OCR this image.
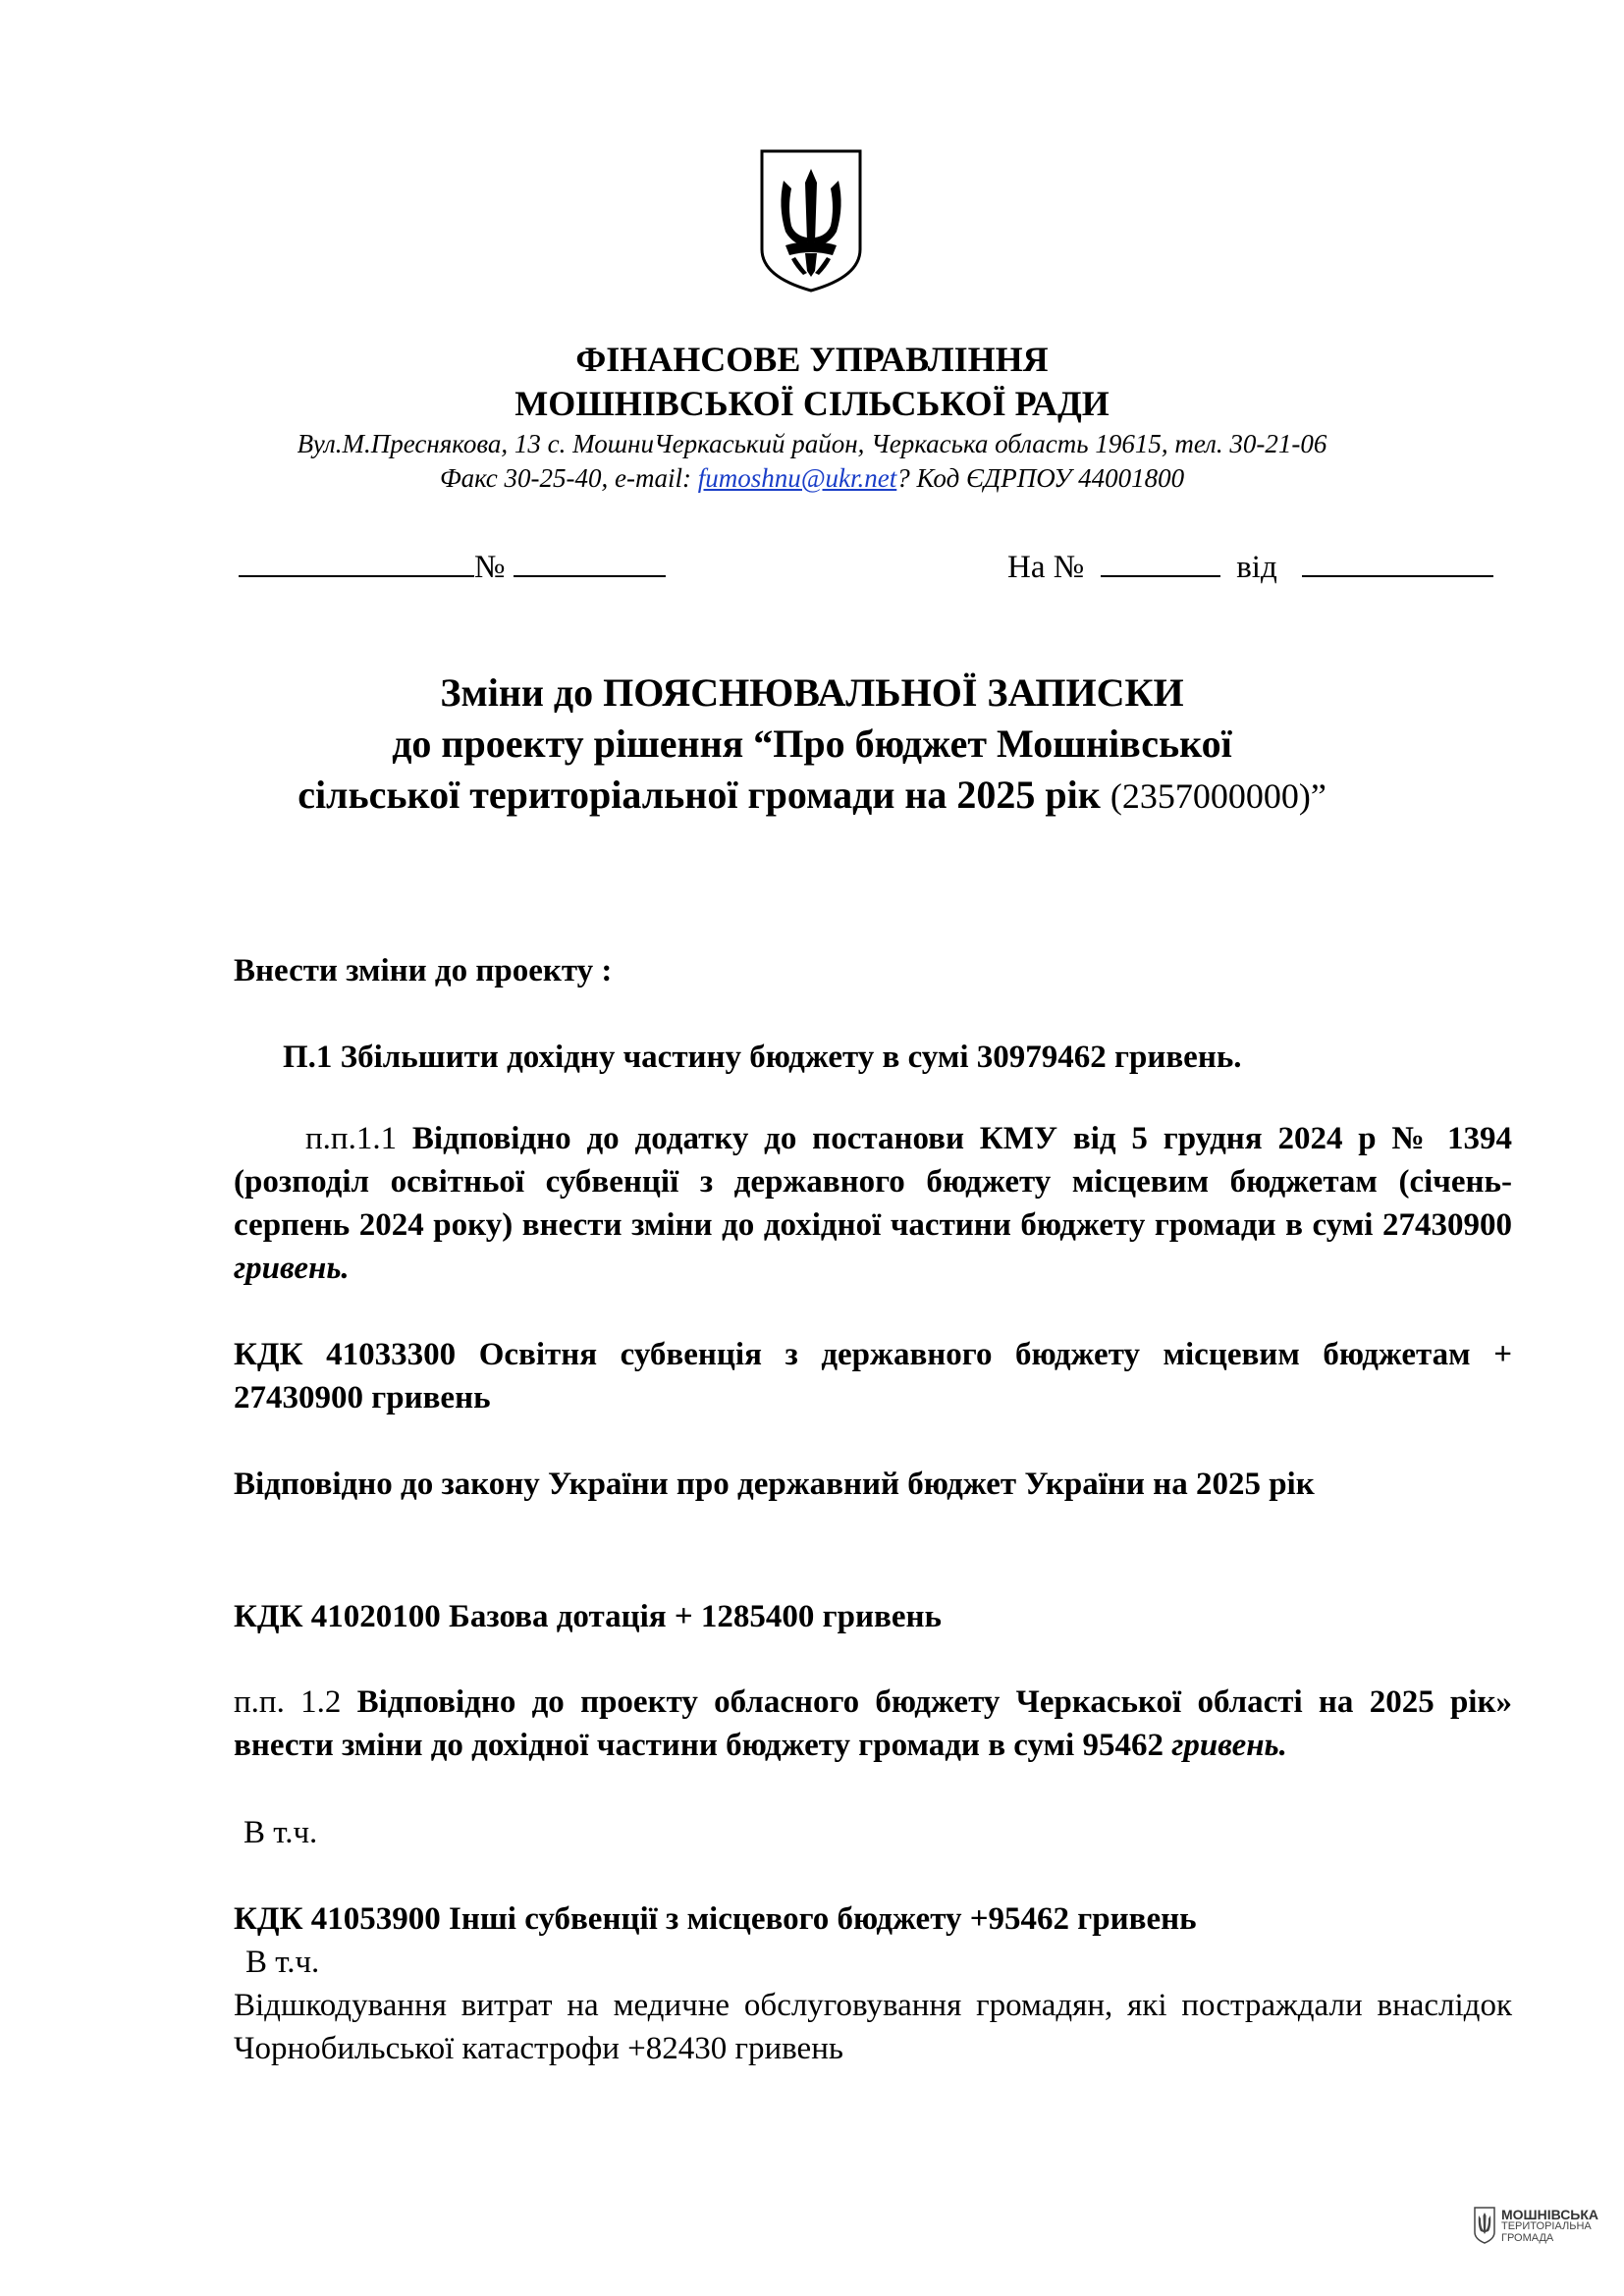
ФІНАНСОВЕ УПРАВЛІННЯ
МОШНІВСЬКОЇ СІЛЬСЬКОЇ РАДИ
Вул.М.Преснякова, 13 с. МошниЧеркаський район, Черкаська область 19615, тел. 30-21-06
Факс 30-25-40, e-mail: fumoshnu@ukr.net? Код ЄДРПОУ 44001800
№	На №	від
Зміни до ПОЯСНЮВАЛЬНОЇ ЗАПИСКИ
до проекту рішення “Про бюджет Мошнівської
сільської територіальної громади на 2025 рік (2357000000)”
Внести зміни до проекту :
П.1 Збільшити дохідну частину бюджету в сумі 30979462 гривень.
п.п.1.1 Відповідно до додатку до постанови КМУ від 5 грудня 2024 р № 1394 (розподіл освітньої субвенції з державного бюджету місцевим бюджетам (січень-серпень 2024 року) внести зміни до дохідної частини бюджету громади в сумі 27430900 гривень.
КДК 41033300 Освітня субвенція з державного бюджету місцевим бюджетам + 27430900 гривень
Відповідно до закону України про державний бюджет України на 2025 рік
КДК 41020100 Базова дотація + 1285400 гривень
п.п. 1.2 Відповідно до проекту обласного бюджету Черкаської області на 2025 рік» внести зміни до дохідної частини бюджету громади в сумі 95462 гривень.
В т.ч.
КДК 41053900 Інші субвенції з місцевого бюджету +95462 гривень
В т.ч.
Відшкодування витрат на медичне обслуговування громадян, які постраждали внаслідок Чорнобильської катастрофи +82430 гривень
МОШНІВСЬКА
ТЕРИТОРІАЛЬНА
ГРОМАДА
